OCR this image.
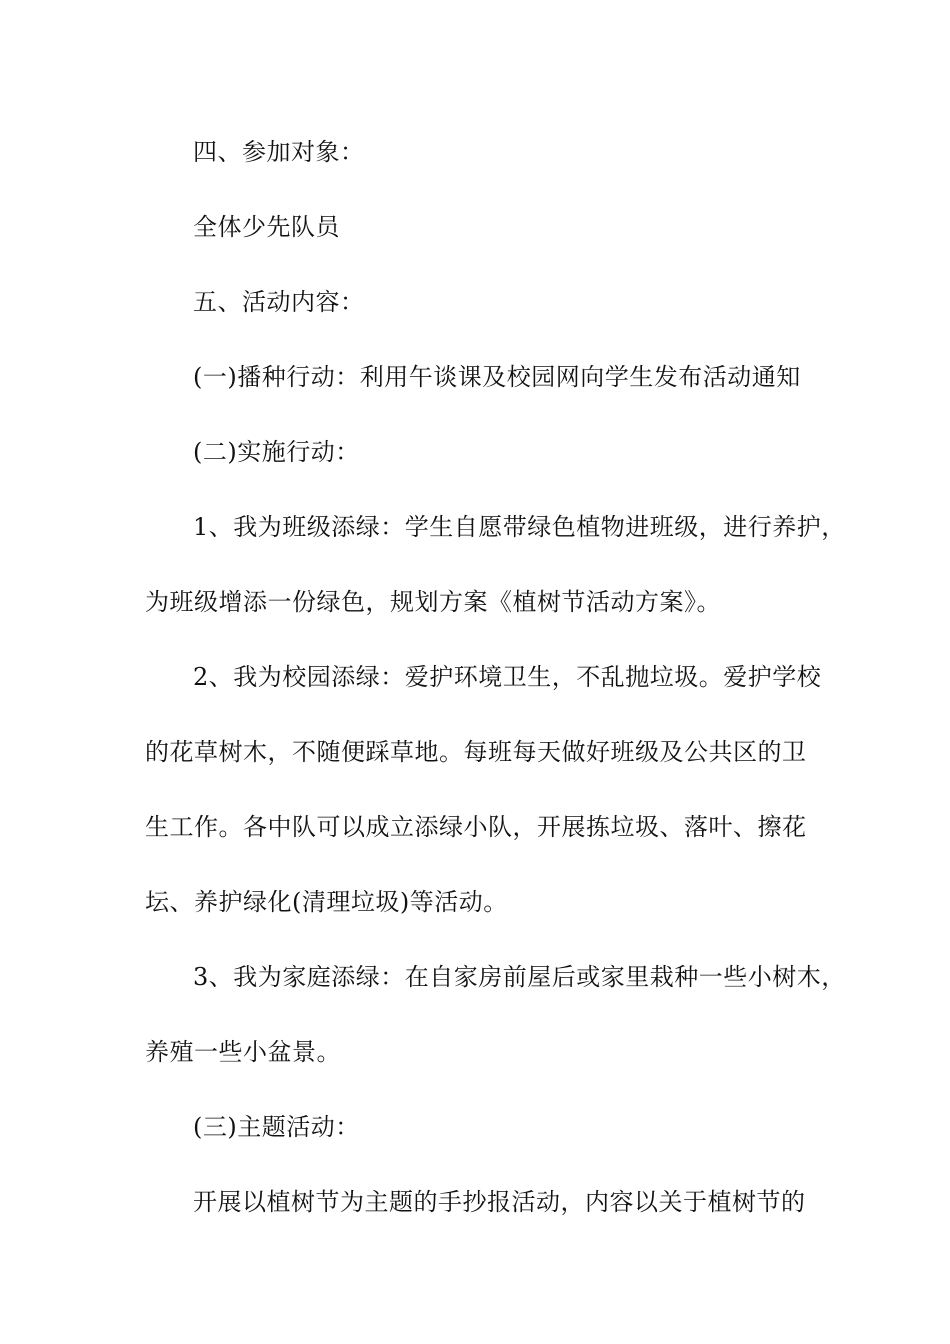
四、参加对象：
全体少先队员
五、活动内容：
(一)播种行动：利用午谈课及校园网向学生发布活动通知
(二)实施行动：
1、我为班级添绿：学生自愿带绿色植物进班级，进行养护，
为班级增添一份绿色，规划方案《植树节活动方案》。
2、我为校园添绿：爱护环境卫生，不乱抛垃圾。爱护学校
的花草树木，不随便踩草地。每班每天做好班级及公共区的卫
生工作。各中队可以成立添绿小队，开展拣垃圾、落叶、擦花
坛、养护绿化(清理垃圾)等活动。
3、我为家庭添绿：在自家房前屋后或家里栽种一些小树木，
养殖一些小盆景。
(三)主题活动：
开展以植树节为主题的手抄报活动，内容以关于植树节的
